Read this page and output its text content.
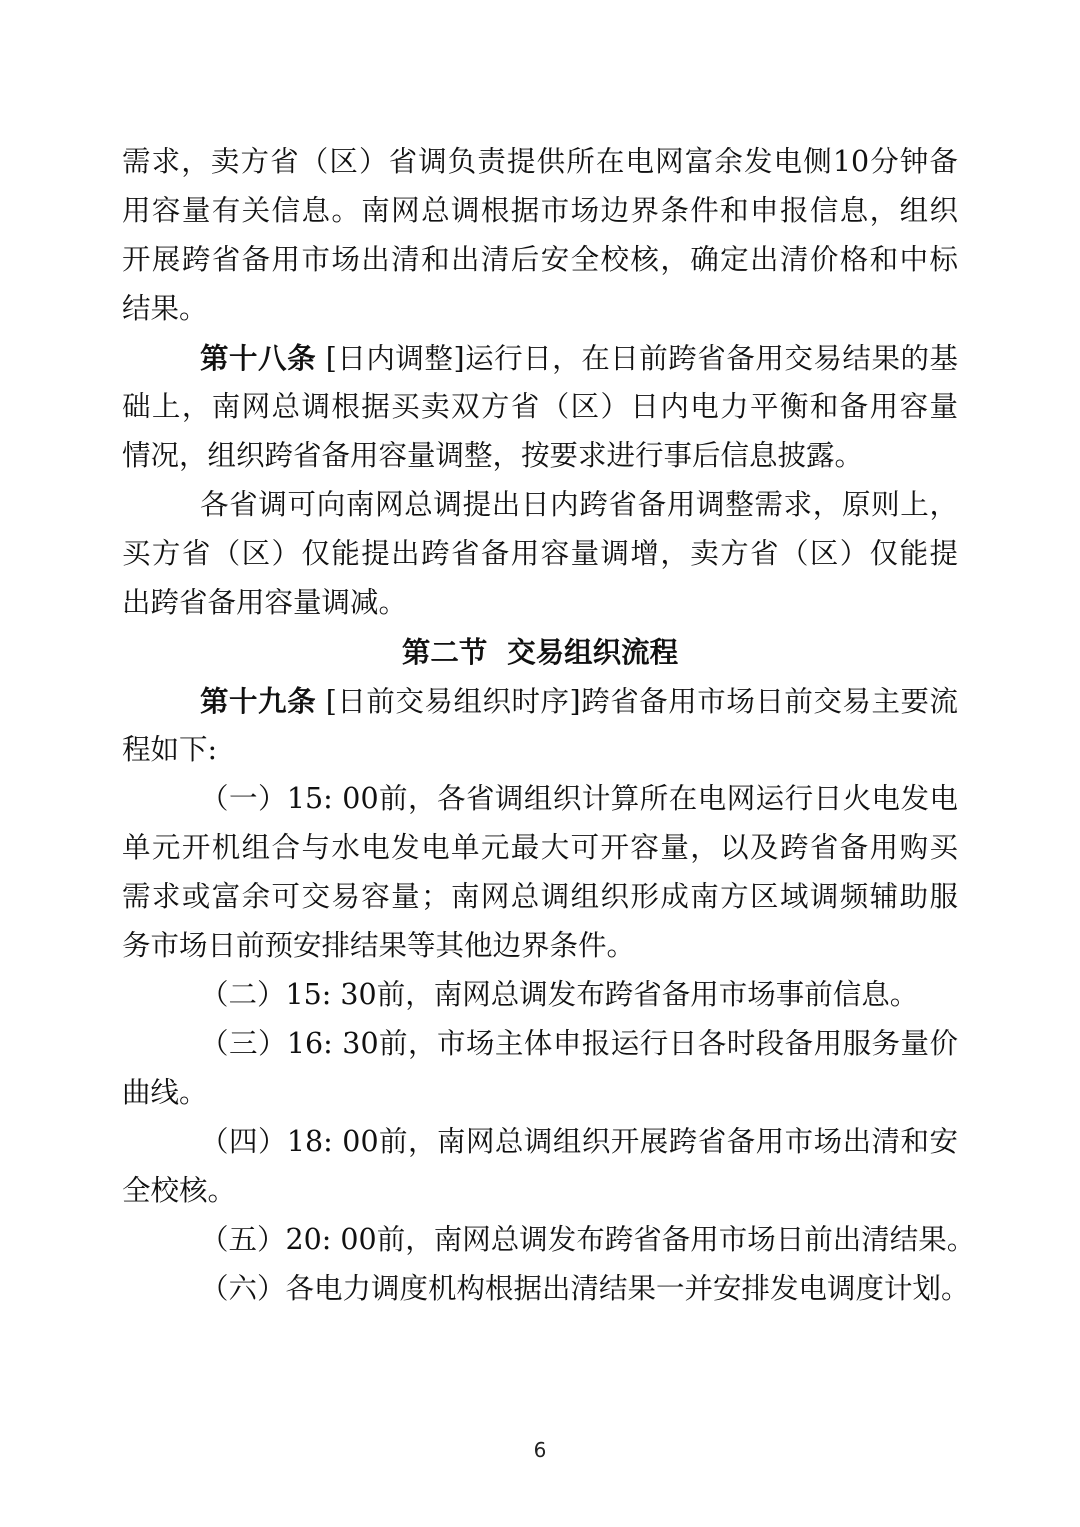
需求，卖方省（区）省调负责提供所在电网富余发电侧10分钟备
用容量有关信息。南网总调根据市场边界条件和申报信息，组织
开展跨省备用市场出清和出清后安全校核，确定出清价格和中标
结果。
第十八条 [日内调整]运行日，在日前跨省备用交易结果的基
础上，南网总调根据买卖双方省（区）日内电力平衡和备用容量
情况，组织跨省备用容量调整，按要求进行事后信息披露。
各省调可向南网总调提出日内跨省备用调整需求，原则上，
买方省（区）仅能提出跨省备用容量调增，卖方省（区）仅能提
出跨省备用容量调减。
第二节  交易组织流程
第十九条 [日前交易组织时序]跨省备用市场日前交易主要流
程如下:
（一）15: 00前，各省调组织计算所在电网运行日火电发电
单元开机组合与水电发电单元最大可开容量，以及跨省备用购买
需求或富余可交易容量；南网总调组织形成南方区域调频辅助服
务市场日前预安排结果等其他边界条件。
（二）15: 30前，南网总调发布跨省备用市场事前信息。
（三）16: 30前，市场主体申报运行日各时段备用服务量价
曲线。
（四）18: 00前，南网总调组织开展跨省备用市场出清和安
全校核。
（五）20: 00前，南网总调发布跨省备用市场日前出清结果。
（六）各电力调度机构根据出清结果一并安排发电调度计划。
6
